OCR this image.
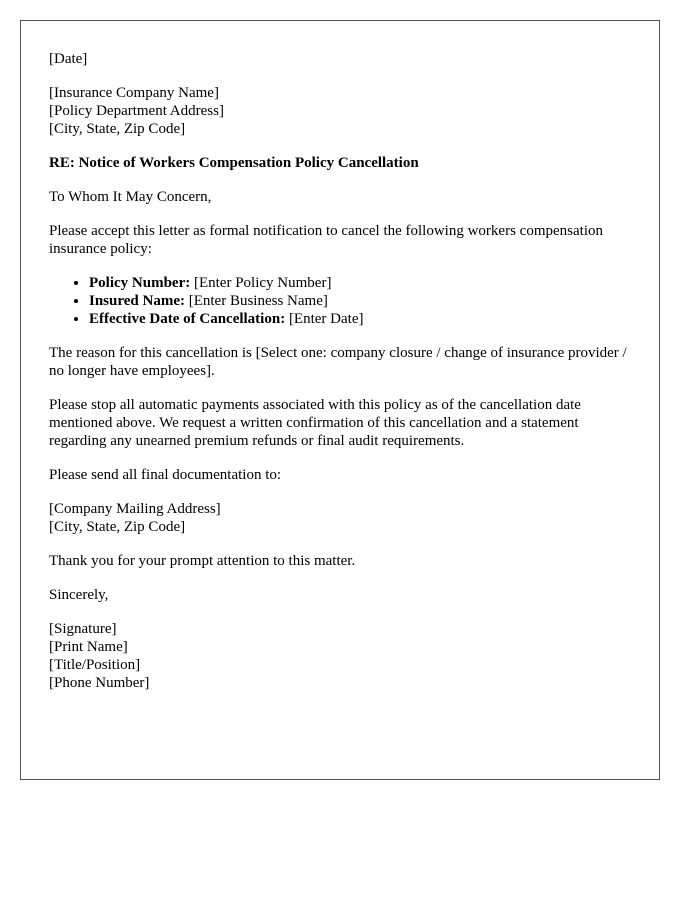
[Date]

[Insurance Company Name]
[Policy Department Address]
[City, State, Zip Code]

RE: Notice of Workers Compensation Policy Cancellation

To Whom It May Concern,

Please accept this letter as formal notification to cancel the following workers compensation insurance policy:

• Policy Number: [Enter Policy Number]
• Insured Name: [Enter Business Name]
• Effective Date of Cancellation: [Enter Date]

The reason for this cancellation is [Select one: company closure / change of insurance provider / no longer have employees].

Please stop all automatic payments associated with this policy as of the cancellation date mentioned above. We request a written confirmation of this cancellation and a statement regarding any unearned premium refunds or final audit requirements.

Please send all final documentation to:

[Company Mailing Address]
[City, State, Zip Code]

Thank you for your prompt attention to this matter.

Sincerely,

[Signature]
[Print Name]
[Title/Position]
[Phone Number]
